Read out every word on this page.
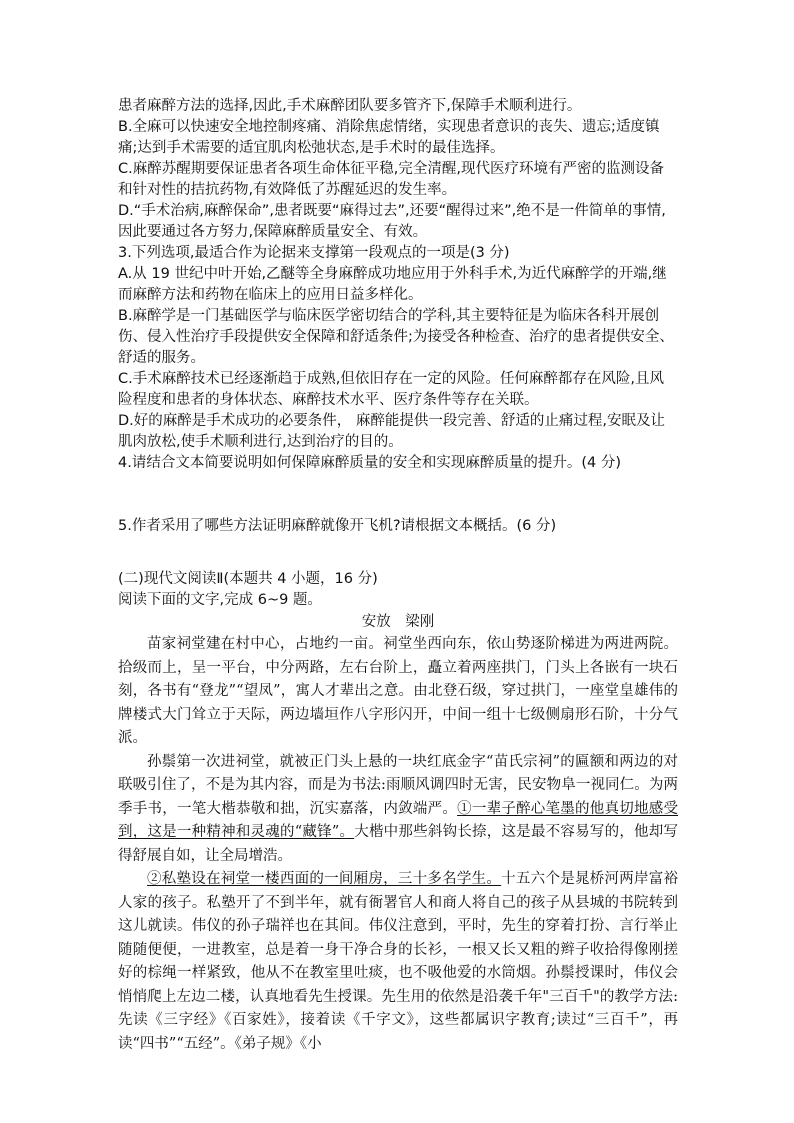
患者麻醉方法的选择,因此,手术麻醉团队要多管齐下,保障手术顺利进行。

B.全麻可以快速安全地控制疼痛、消除焦虑情绪，实现患者意识的丧失、遗忘;适度镇痛;达到手术需要的适宜肌肉松弛状态,是手术时的最佳选择。

C.麻醉苏醒期要保证患者各项生命体征平稳,完全清醒,现代医疗环境有严密的监测设备和针对性的拮抗药物,有效降低了苏醒延迟的发生率。

D.“手术治病,麻醉保命”,患者既要“麻得过去”,还要“醒得过来”,绝不是一件简单的事情,因此要通过各方努力,保障麻醉质量安全、有效。

3.下列选项,最适合作为论据来支撑第一段观点的一项是(3 分)

A.从 19 世纪中叶开始,乙醚等全身麻醉成功地应用于外科手术,为近代麻醉学的开端,继而麻醉方法和药物在临床上的应用日益多样化。

B.麻醉学是一门基础医学与临床医学密切结合的学科,其主要特征是为临床各科开展创伤、侵入性治疗手段提供安全保障和舒适条件;为接受各种检查、治疗的患者提供安全、舒适的服务。

C.手术麻醉技术已经逐渐趋于成熟,但依旧存在一定的风险。任何麻醉都存在风险,且风险程度和患者的身体状态、麻醉技术水平、医疗条件等存在关联。

D.好的麻醉是手术成功的必要条件， 麻醉能提供一段完善、舒适的止痛过程,安眠及让肌肉放松,使手术顺利进行,达到治疗的目的。

4.请结合文本简要说明如何保障麻醉质量的安全和实现麻醉质量的提升。(4 分)

5.作者采用了哪些方法证明麻醉就像开飞机?请根据文本概括。(6 分)

(二)现代文阅读Ⅱ(本题共 4 小题，16 分)

阅读下面的文字,完成 6~9 题。

安放　梁刚

苗家祠堂建在村中心，占地约一亩。祠堂坐西向东，依山势逐阶梯进为两进两院。拾级而上，呈一平台，中分两路，左右台阶上，矗立着两座拱门，门头上各嵌有一块石刻，各书有“登龙”“望凤”，寓人才辈出之意。由北登石级，穿过拱门，一座堂皇雄伟的牌楼式大门耸立于天际，两边墙垣作八字形闪开，中间一组十七级侧扇形石阶，十分气派。

孙鬃第一次进祠堂，就被正门头上悬的一块红底金字“苗氏宗祠”的匾额和两边的对联吸引住了，不是为其内容，而是为书法:雨顺风调四时无害，民安物阜一视同仁。为两季手书，一笔大楷恭敬和拙，沉实嘉落，内敛端严。①一辈子醉心笔墨的他真切地感受到，这是一种精神和灵魂的“藏锋”。大楷中那些斜钩长捺，这是最不容易写的，他却写得舒展自如，让全局增浩。

②私塾设在祠堂一楼西面的一间厢房，三十多名学生。十五六个是晁桥河两岸富裕人家的孩子。私塾开了不到半年，就有衙署官人和商人将自己的孩子从县城的书院转到这儿就读。伟仪的孙子瑞祥也在其间。伟仪注意到，平时，先生的穿着打扮、言行举止随随便便，一进教室，总是着一身干净合身的长衫，一根又长又粗的辫子收拾得像刚搓好的棕绳一样紧致，他从不在教室里吐痰，也不吸他爱的水筒烟。孙鬃授课时，伟仪会悄悄爬上左边二楼，认真地看先生授课。先生用的依然是沿袭千年"三百千"的教学方法:先读《三字经》《百家姓》，接着读《千字文》，这些都属识字教育;读过“三百千”，再读“四书”“五经”。《弟子规》《小
